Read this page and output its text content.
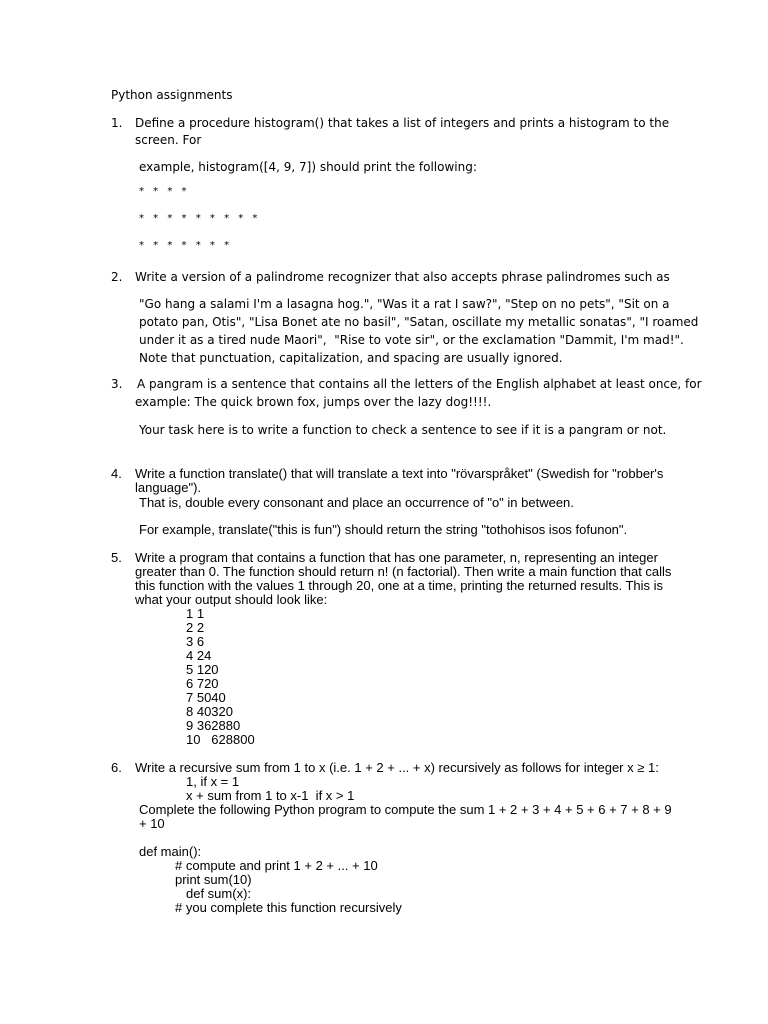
Python assignments
1. Define a procedure histogram() that takes a list of integers and prints a histogram to the
screen. For
example, histogram([4, 9, 7]) should print the following:
* * * *
* * * * * * * * *
* * * * * * *
2. Write a version of a palindrome recognizer that also accepts phrase palindromes such as
"Go hang a salami I'm a lasagna hog.", "Was it a rat I saw?", "Step on no pets", "Sit on a
potato pan, Otis", "Lisa Bonet ate no basil", "Satan, oscillate my metallic sonatas", "I roamed
under it as a tired nude Maori",  "Rise to vote sir", or the exclamation "Dammit, I'm mad!".
Note that punctuation, capitalization, and spacing are usually ignored.
3. A pangram is a sentence that contains all the letters of the English alphabet at least once, for
example: The quick brown fox, jumps over the lazy dog!!!!.
Your task here is to write a function to check a sentence to see if it is a pangram or not.
4. Write a function translate() that will translate a text into "rövarspråket" (Swedish for "robber's
language").
That is, double every consonant and place an occurrence of "o" in between.
For example, translate("this is fun") should return the string "tothohisos isos fofunon".
5. Write a program that contains a function that has one parameter, n, representing an integer
greater than 0. The function should return n! (n factorial). Then write a main function that calls
this function with the values 1 through 20, one at a time, printing the returned results. This is
what your output should look like:
1 1
2 2
3 6
4 24
5 120
6 720
7 5040
8 40320
9 362880
10   628800
6. Write a recursive sum from 1 to x (i.e. 1 + 2 + ... + x) recursively as follows for integer x ≥ 1:
1, if x = 1
x + sum from 1 to x-1  if x > 1
Complete the following Python program to compute the sum 1 + 2 + 3 + 4 + 5 + 6 + 7 + 8 + 9
+ 10
def main():
# compute and print 1 + 2 + ... + 10
print sum(10)
def sum(x):
# you complete this function recursively
